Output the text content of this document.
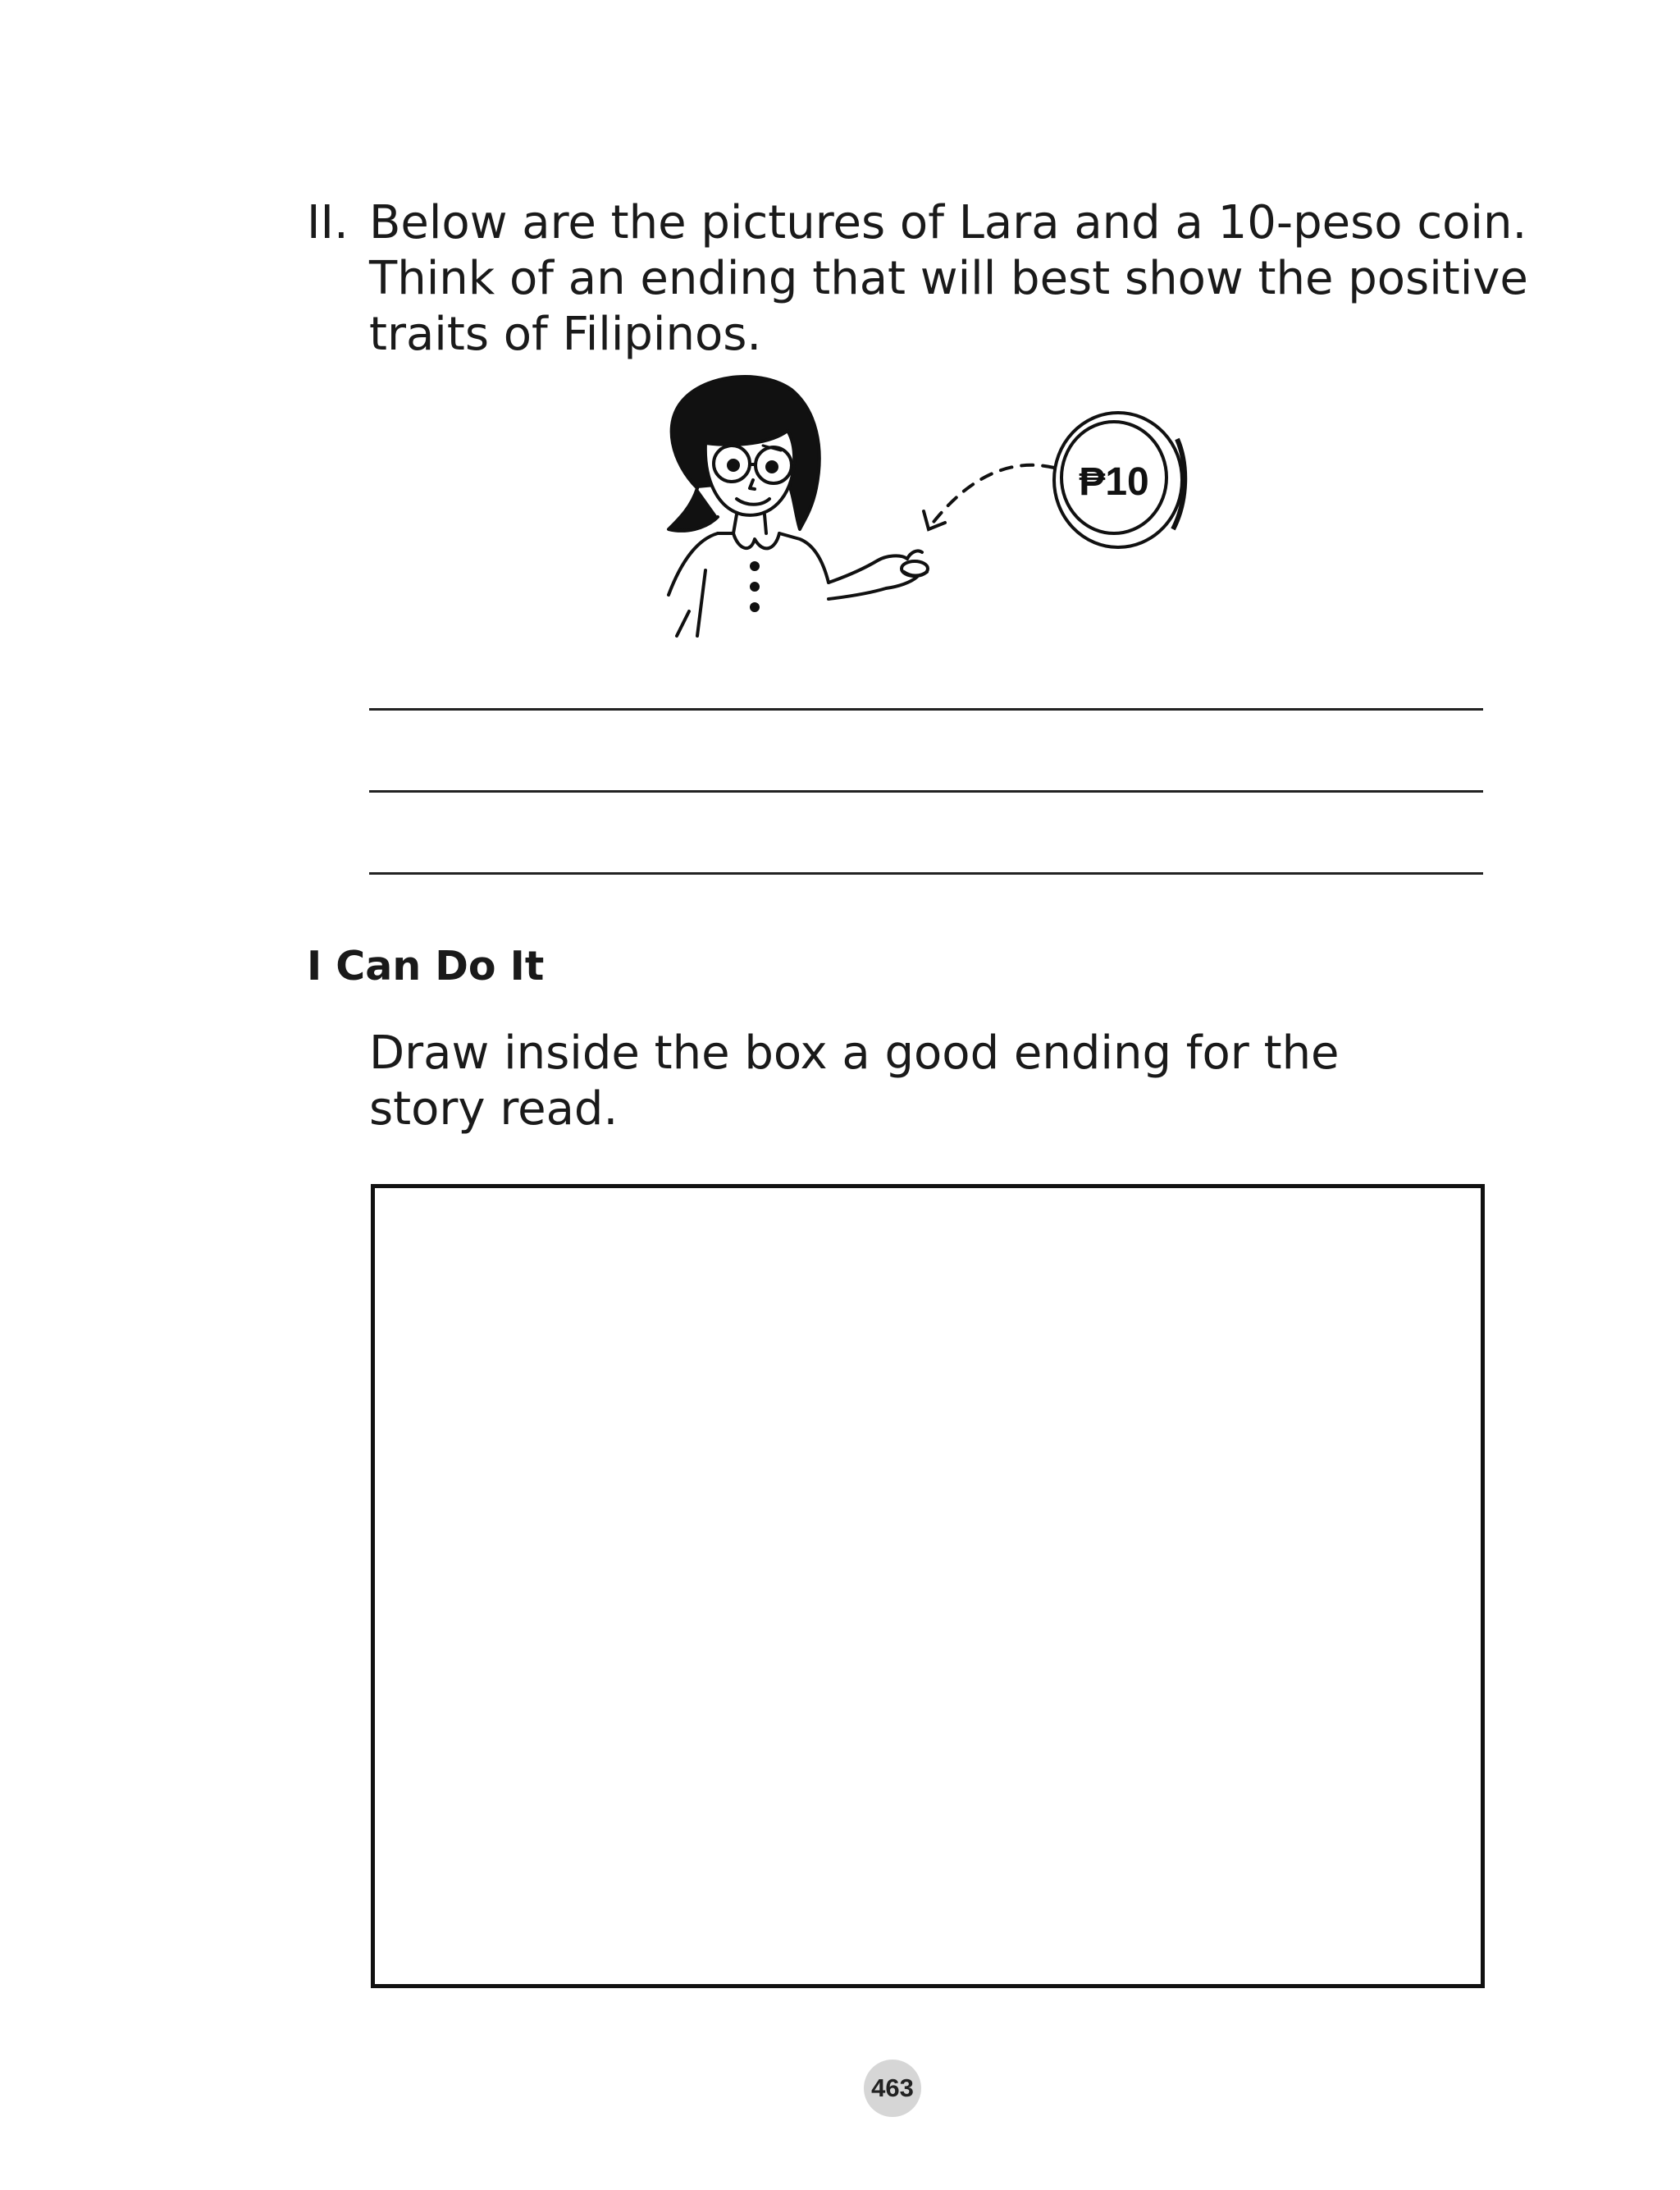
II. Below are the pictures of Lara and a 10-peso coin.
Think of an ending that will best show the positive
traits of Filipinos.
₱10
I Can Do It
Draw inside the box a good ending for the
story read.
463
